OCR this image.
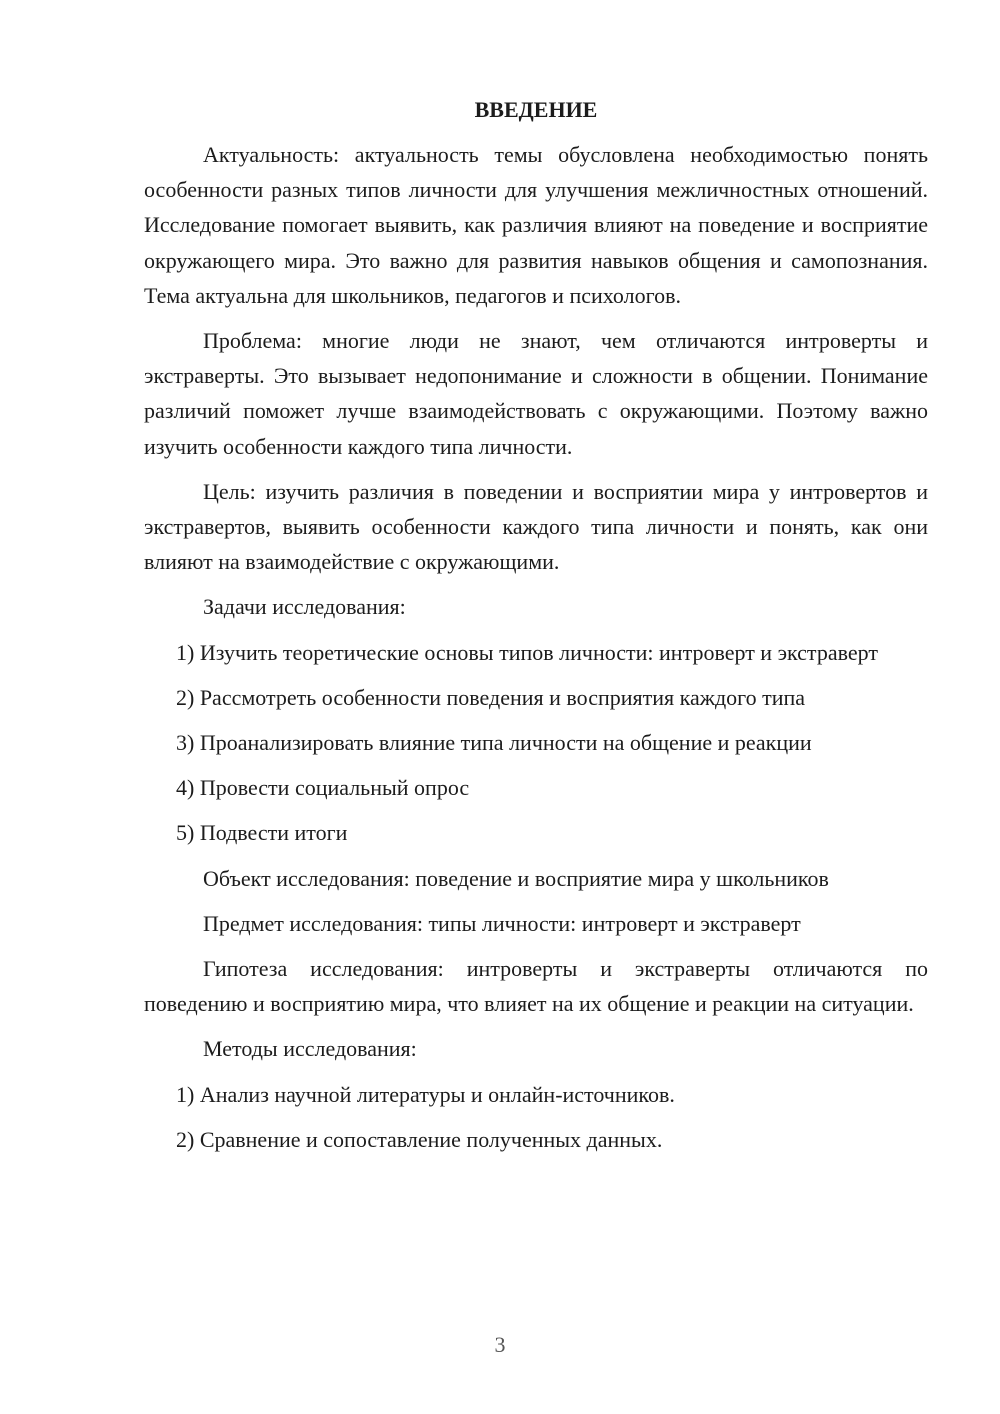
ВВЕДЕНИЕ

Актуальность: актуальность темы обусловлена необходимостью понять особенности разных типов личности для улучшения межличностных отношений. Исследование помогает выявить, как различия влияют на поведение и восприятие окружающего мира. Это важно для развития навыков общения и самопознания. Тема актуальна для школьников, педагогов и психологов.

Проблема: многие люди не знают, чем отличаются интроверты и экстраверты. Это вызывает недопонимание и сложности в общении. Понимание различий поможет лучше взаимодействовать с окружающими. Поэтому важно изучить особенности каждого типа личности.

Цель: изучить различия в поведении и восприятии мира у интровертов и экстравертов, выявить особенности каждого типа личности и понять, как они влияют на взаимодействие с окружающими.

Задачи исследования:

1) Изучить теоретические основы типов личности: интроверт и экстраверт

2) Рассмотреть особенности поведения и восприятия каждого типа

3) Проанализировать влияние типа личности на общение и реакции

4) Провести социальный опрос

5) Подвести итоги

Объект исследования: поведение и восприятие мира у школьников

Предмет исследования: типы личности: интроверт и экстраверт

Гипотеза исследования: интроверты и экстраверты отличаются по поведению и восприятию мира, что влияет на их общение и реакции на ситуации.

Методы исследования:

1) Анализ научной литературы и онлайн-источников.

2) Сравнение и сопоставление полученных данных.

3
